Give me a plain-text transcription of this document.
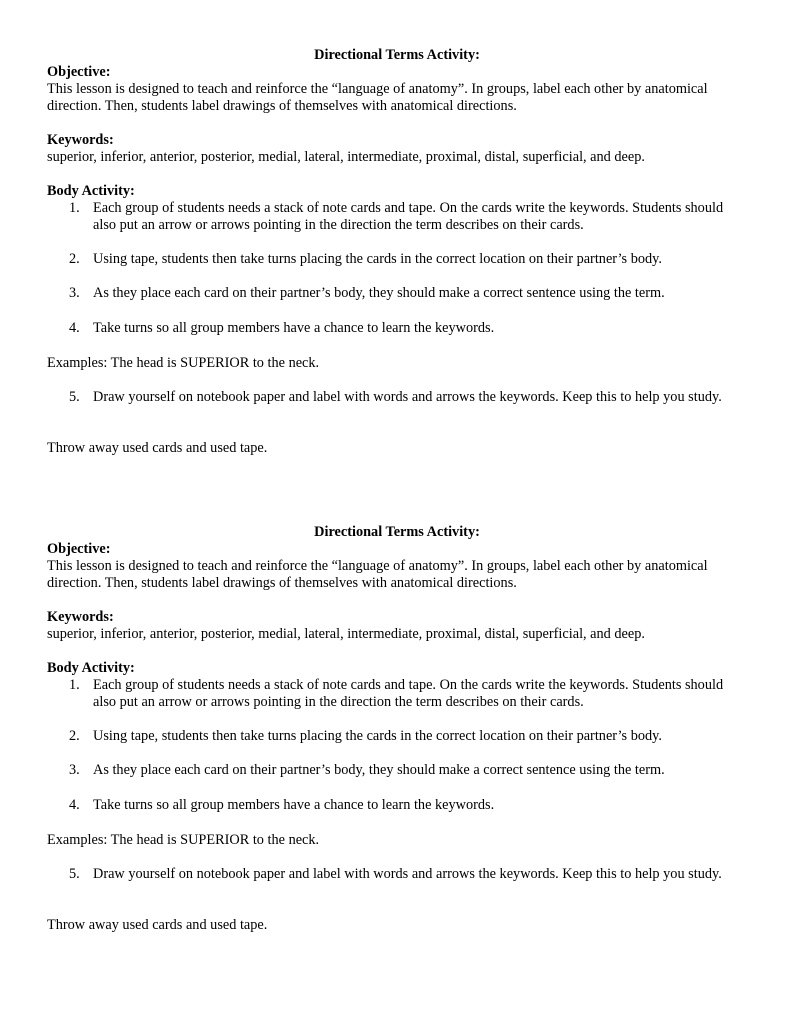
Directional Terms Activity:

Objective:

This lesson is designed to teach and reinforce the “language of anatomy”. In groups, label each other by anatomical direction. Then, students label drawings of themselves with anatomical directions.

Keywords:

superior, inferior, anterior, posterior, medial, lateral, intermediate, proximal, distal, superficial, and deep.

Body Activity:

1. Each group of students needs a stack of note cards and tape. On the cards write the keywords. Students should also put an arrow or arrows pointing in the direction the term describes on their cards.
2. Using tape, students then take turns placing the cards in the correct location on their partner’s body.
3. As they place each card on their partner’s body, they should make a correct sentence using the term.
4. Take turns so all group members have a chance to learn the keywords.

Examples: The head is SUPERIOR to the neck.

5. Draw yourself on notebook paper and label with words and arrows the keywords. Keep this to help you study.

Throw away used cards and used tape.

Directional Terms Activity:

Objective:

This lesson is designed to teach and reinforce the “language of anatomy”. In groups, label each other by anatomical direction. Then, students label drawings of themselves with anatomical directions.

Keywords:

superior, inferior, anterior, posterior, medial, lateral, intermediate, proximal, distal, superficial, and deep.

Body Activity:

1. Each group of students needs a stack of note cards and tape. On the cards write the keywords. Students should also put an arrow or arrows pointing in the direction the term describes on their cards.
2. Using tape, students then take turns placing the cards in the correct location on their partner’s body.
3. As they place each card on their partner’s body, they should make a correct sentence using the term.
4. Take turns so all group members have a chance to learn the keywords.

Examples: The head is SUPERIOR to the neck.

5. Draw yourself on notebook paper and label with words and arrows the keywords. Keep this to help you study.

Throw away used cards and used tape.
